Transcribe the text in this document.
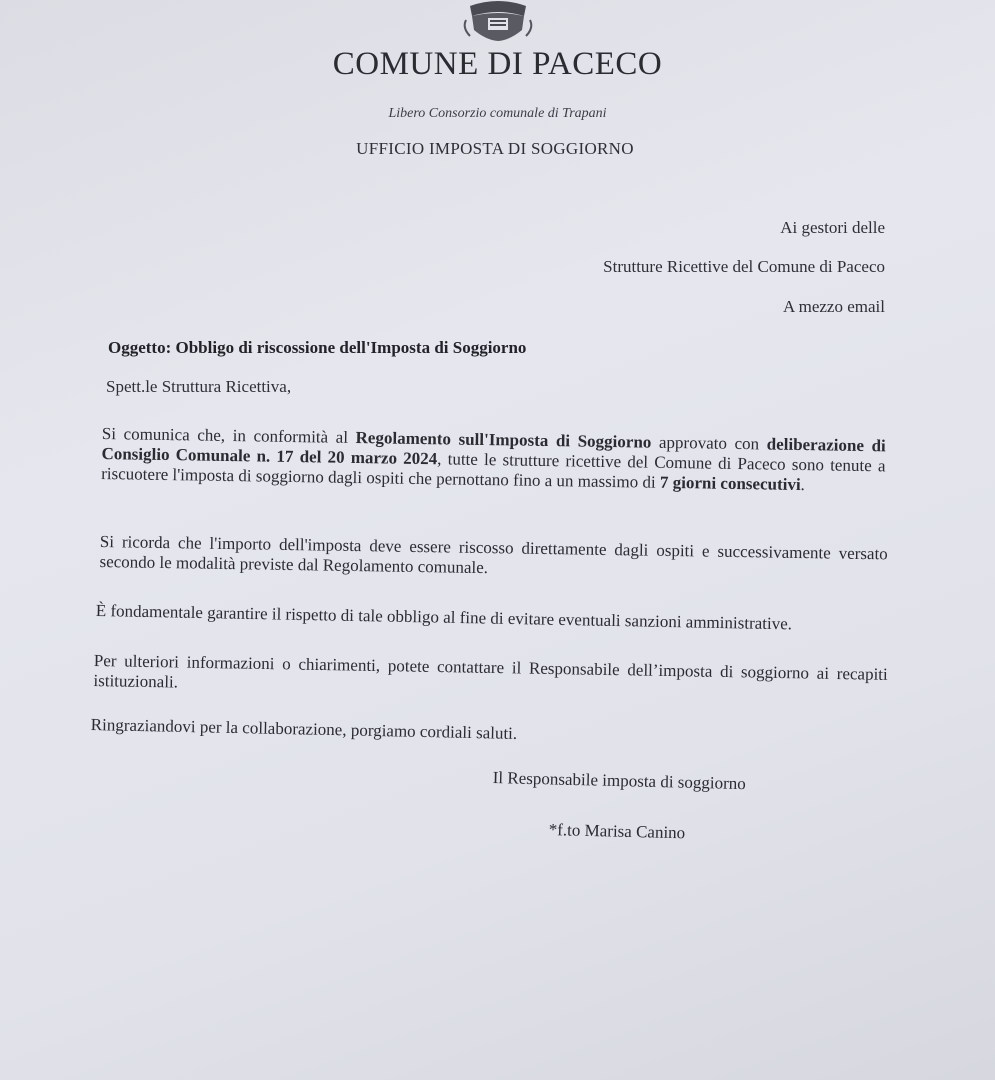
COMUNE DI PACECO
Libero Consorzio comunale di Trapani
UFFICIO IMPOSTA DI SOGGIORNO
Ai gestori delle
Strutture Ricettive del Comune di Paceco
A mezzo email
Oggetto: Obbligo di riscossione dell'Imposta di Soggiorno
Spett.le Struttura Ricettiva,
Si comunica che, in conformità al Regolamento sull'Imposta di Soggiorno approvato con deliberazione di Consiglio Comunale n. 17 del 20 marzo 2024, tutte le strutture ricettive del Comune di Paceco sono tenute a riscuotere l'imposta di soggiorno dagli ospiti che pernottano fino a un massimo di 7 giorni consecutivi.
Si ricorda che l'importo dell'imposta deve essere riscosso direttamente dagli ospiti e successivamente versato secondo le modalità previste dal Regolamento comunale.
È fondamentale garantire il rispetto di tale obbligo al fine di evitare eventuali sanzioni amministrative.
Per ulteriori informazioni o chiarimenti, potete contattare il Responsabile dell’imposta di soggiorno ai recapiti istituzionali.
Ringraziandovi per la collaborazione, porgiamo cordiali saluti.
Il Responsabile imposta di soggiorno
*f.to Marisa Canino
